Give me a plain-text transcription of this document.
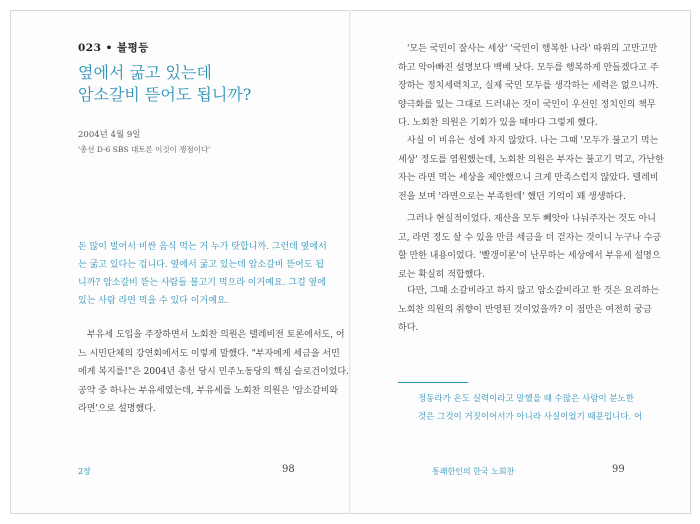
023 • 불평등
옆에서 굶고 있는데
암소갈비 뜯어도 됩니까?
2004년 4월 9일
'총선 D-6 SBS 대토론 이것이 쟁점이다'
돈 많이 벌어서 비싼 음식 먹는 거 누가 탓합니까. 그런데 옆에서
는 굶고 있다는 겁니다. 옆에서 굶고 있는데 암소갈비 뜯어도 됩
니까? 암소갈비 뜯는 사람들 불고기 먹으라 이거예요. 그걸 옆에
있는 사람 라면 먹을 수 있다 이거예요.
부유세 도입을 주장하면서 노회찬 의원은 텔레비전 토론에서도, 어
느 시민단체의 강연회에서도 이렇게 말했다. "부자에게 세금을 서민
에게 복지를!"은 2004년 총선 당시 민주노동당의 핵심 슬로건이었다.
공약 중 하나는 부유세였는데, 부유세를 노회찬 의원은 '암소갈비와
라면'으로 설명했다.
2장	98
'모든 국민이 잘사는 세상' '국민이 행복한 나라' 따위의 고만고만
하고 악아빠진 설명보다 백배 낫다. 모두를 행복하게 만들겠다고 주
장하는 정치세력치고, 실제 국민 모두를 생각하는 세력은 없으니까.
양극화를 있는 그대로 드러내는 것이 국민이 우선인 정치인의 책무
다. 노회찬 의원은 기회가 있을 때마다 그렇게 했다.
사실 이 비유는 성에 차지 않았다. 나는 그때 '모두가 불고기 먹는
세상' 정도를 염원했는데, 노회찬 의원은 부자는 불고기 먹고, 가난한
자는 라면 먹는 세상을 제안했으니 크게 만족스럽지 않았다. 텔레비
전을 보며 '라면으로는 부족한데' 했던 기억이 꽤 생생하다.
그러나 현실적이었다. 재산을 모두 빼앗아 나눠주자는 것도 아니
고, 라면 정도 살 수 있을 만큼 세금을 더 걷자는 것이니 누구나 수긍
할 만한 내용이었다. '빨갱이론'이 난무하는 세상에서 부유세 설명으
로는 확실히 적합했다.
다만, 그때 소갈비라고 하지 않고 암소갈비라고 한 것은 요리하는
노회찬 의원의 취향이 반영된 것이었을까? 이 점만은 여전히 궁금
하다.
정동라가 온도 실력이라고 말했을 때 수많은 사람이 분노한
것은 그것이 거짓이어서가 아니라 사실이었기 때문입니다. 어
통쾌한인의 한국 노회찬	99
